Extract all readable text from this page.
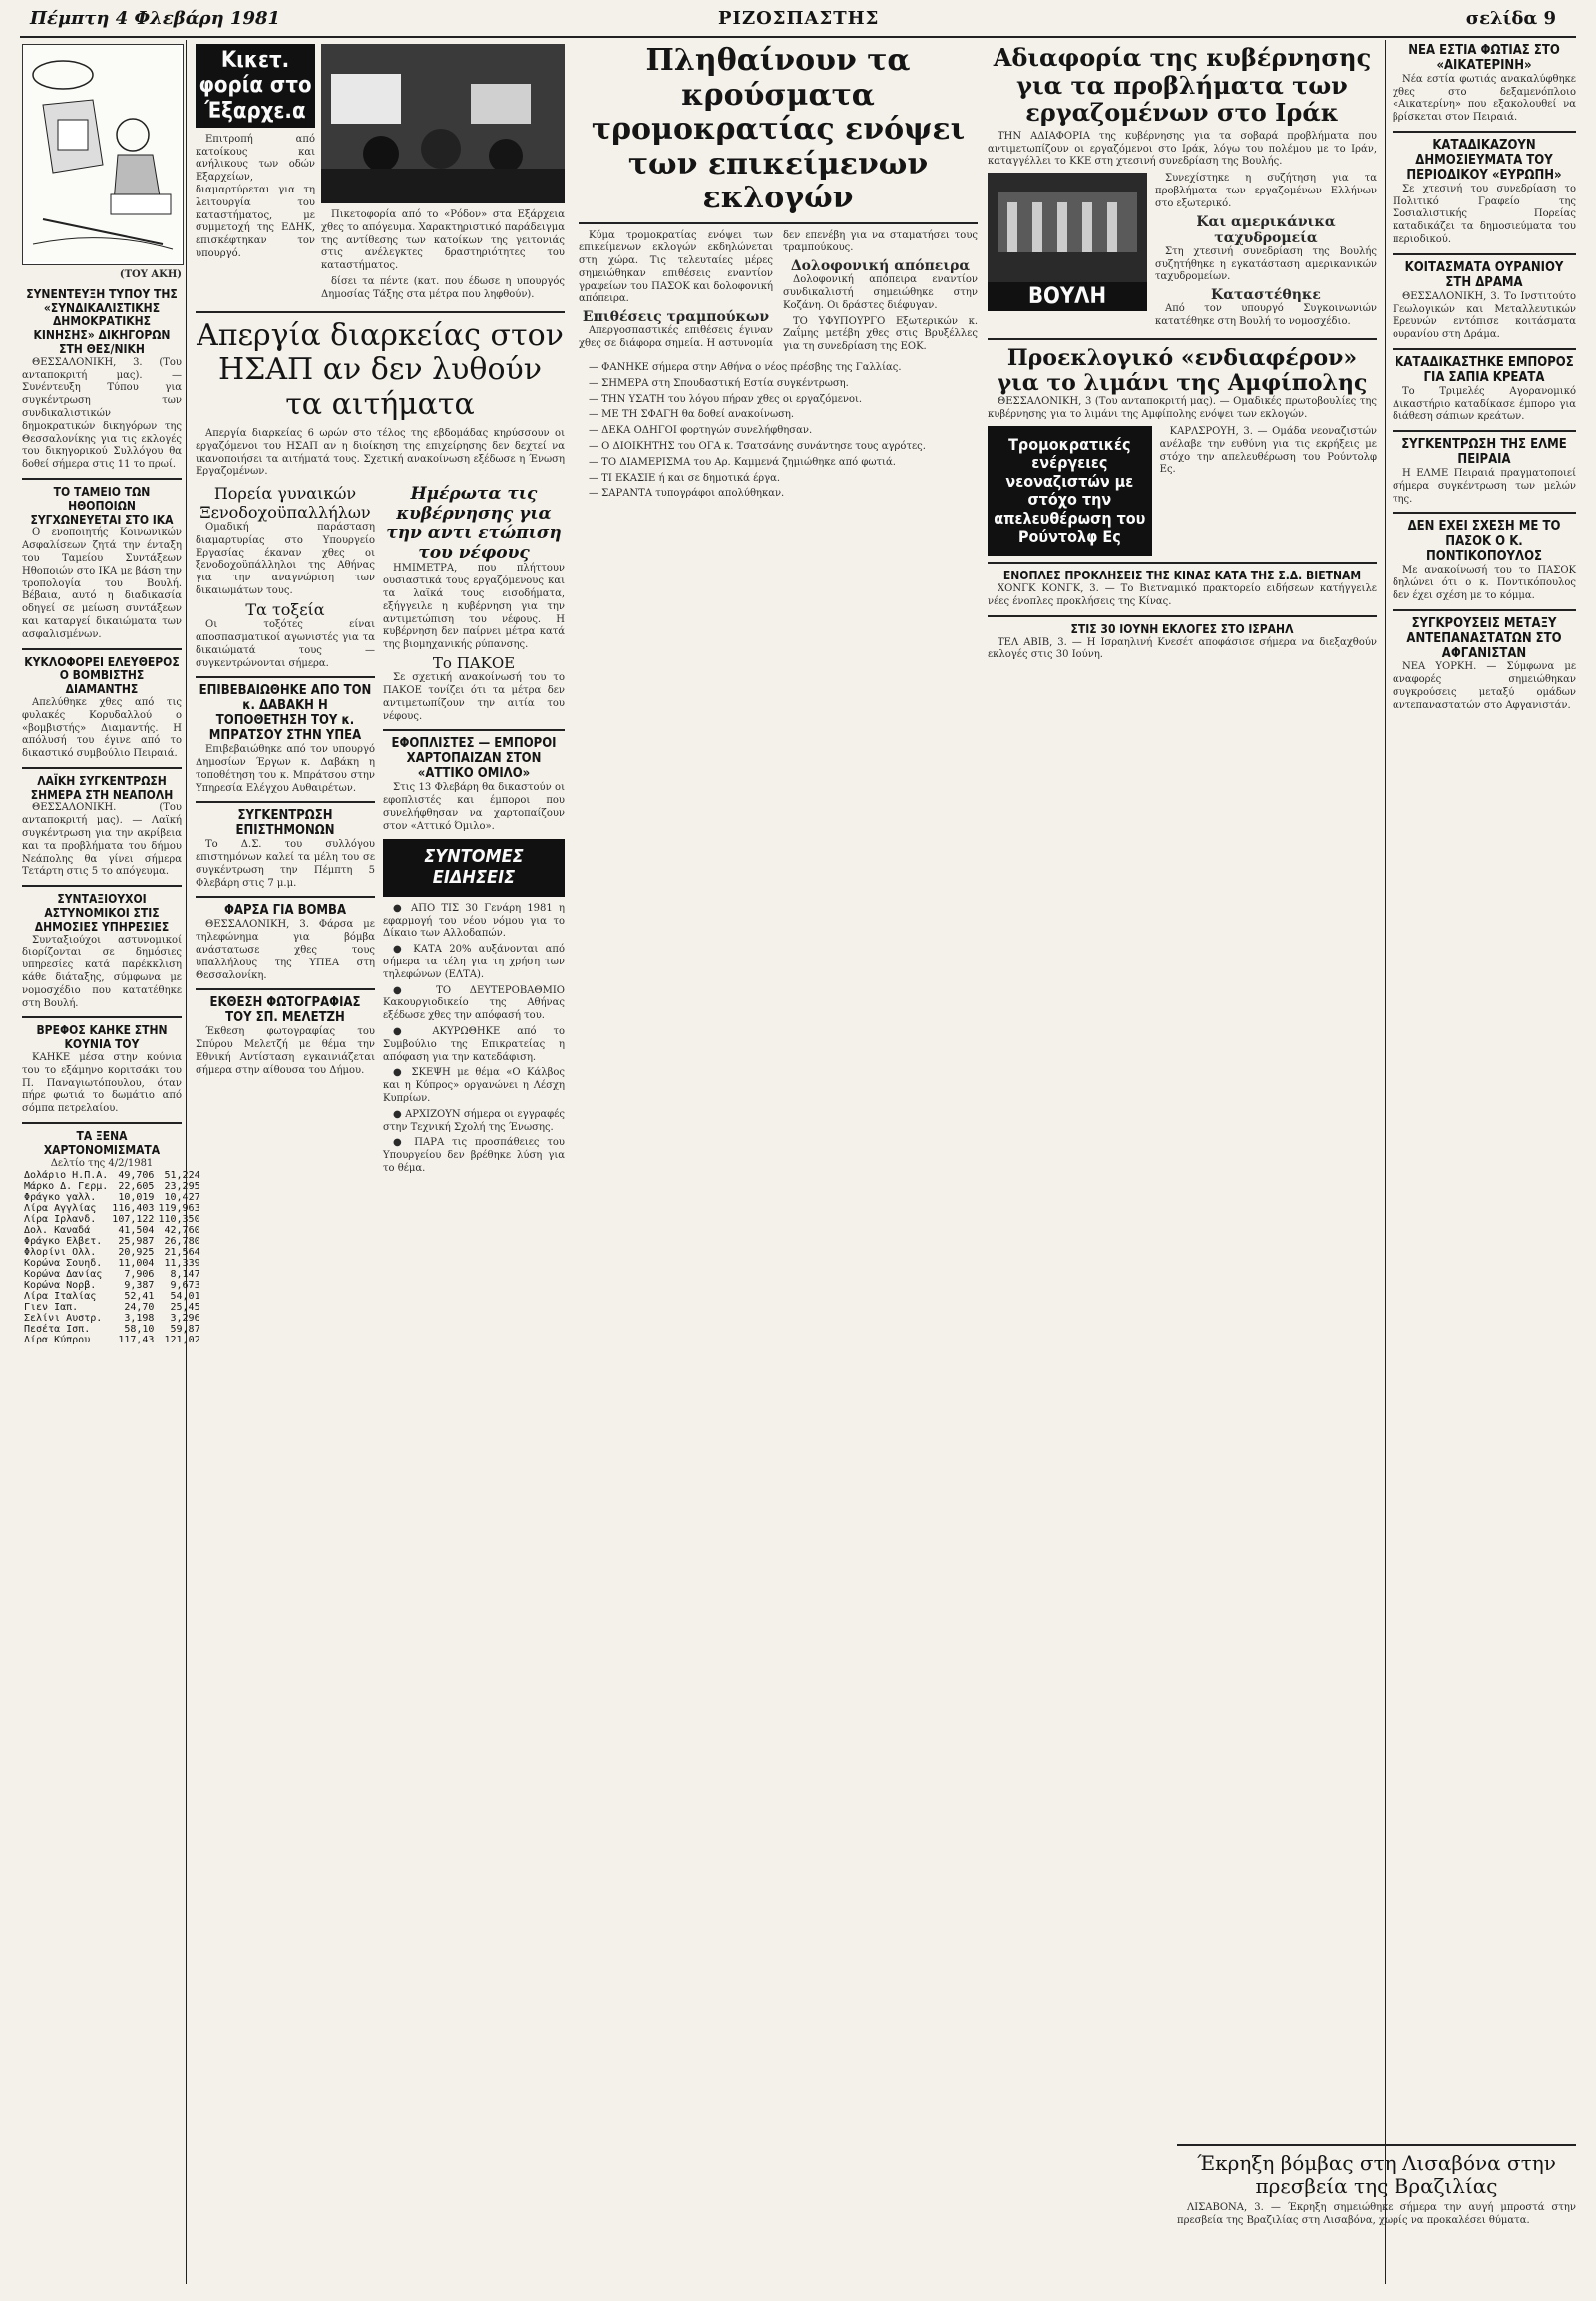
Πέμπτη 4 Φλεβάρη 1981	ΡΙΖΟΣΠΑΣΤΗΣ	σελίδα 9
(ΤΟΥ ΑΚΗ)
ΣΥΝΕΝΤΕΥΞΗ ΤΥΠΟΥ ΤΗΣ «ΣΥΝΔΙΚΑΛΙΣΤΙΚΗΣ ΔΗΜΟΚΡΑΤΙΚΗΣ ΚΙΝΗΣΗΣ» ΔΙΚΗΓΟΡΩΝ ΣΤΗ ΘΕΣ/ΝΙΚΗ

ΘΕΣΣΑΛΟΝΙΚΗ, 3. (Του ανταποκριτή μας). — Συνέντευξη Τύπου για συγκέντρωση των συνδικαλιστικών δημοκρατικών δικηγόρων της Θεσσαλονίκης για τις εκλογές του δικηγορικού Συλλόγου θα δοθεί σήμερα στις 11 το πρωί.

ΤΟ ΤΑΜΕΙΟ ΤΩΝ ΗΘΟΠΟΙΩΝ ΣΥΓΧΩΝΕΥΕΤΑΙ ΣΤΟ ΙΚΑ

Ο ενοποιητής Κοινωνικών Ασφαλίσεων ζητά την ένταξη του Ταμείου Συντάξεων Ηθοποιών στο ΙΚΑ με βάση την τροπολογία του Βουλή. Βέβαια, αυτό η διαδικασία οδηγεί σε μείωση συντάξεων και καταργεί δικαιώματα των ασφαλισμένων.

ΚΥΚΛΟΦΟΡΕΙ ΕΛΕΥΘΕΡΟΣ Ο ΒΟΜΒΙΣΤΗΣ ΔΙΑΜΑΝΤΗΣ

Απελύθηκε χθες από τις φυλακές Κορυδαλλού ο «βομβιστής» Διαμαντής. Η απόλυσή του έγινε από το δικαστικό συμβούλιο Πειραιά.

ΛΑΪΚΗ ΣΥΓΚΕΝΤΡΩΣΗ ΣΗΜΕΡΑ ΣΤΗ ΝΕΑΠΟΛΗ

ΘΕΣΣΑΛΟΝΙΚΗ. (Του ανταποκριτή μας). — Λαϊκή συγκέντρωση για την ακρίβεια και τα προβλήματα του δήμου Νεάπολης θα γίνει σήμερα Τετάρτη στις 5 το απόγευμα.

ΣΥΝΤΑΞΙΟΥΧΟΙ ΑΣΤΥΝΟΜΙΚΟΙ ΣΤΙΣ ΔΗΜΟΣΙΕΣ ΥΠΗΡΕΣΙΕΣ

Συνταξιούχοι αστυνομικοί διορίζονται σε δημόσιες υπηρεσίες κατά παρέκκλιση κάθε διάταξης, σύμφωνα με νομοσχέδιο που κατατέθηκε στη Βουλή.

ΒΡΕΦΟΣ ΚΑΗΚΕ ΣΤΗΝ ΚΟΥΝΙΑ ΤΟΥ

ΚΑΗΚΕ μέσα στην κούνια του το εξάμηνο κοριτσάκι του Π. Παναγιωτόπουλου, όταν πήρε φωτιά το δωμάτιο από σόμπα πετρελαίου.

ΤΑ ΞΕΝΑ ΧΑΡΤΟΝΟΜΙΣΜΑΤΑ
Δελτίο της 4/2/1981
Δολάριο Η.Π.Α.	49,706	51,224
Μάρκο Δ. Γερμ.	22,605	23,295
Φράγκο γαλλ.	10,019	10,427
Λίρα Αγγλίας	116,403	119,963
Λίρα Ιρλανδ.	107,122	110,350
Δολ. Καναδά	41,504	42,760
Φράγκο Ελβετ.	25,987	26,780
Φλορίνι Ολλ.	20,925	21,564
Κορώνα Σουηδ.	11,004	11,339
Κορώνα Δανίας	7,906	8,147
Κορώνα Νορβ.	9,387	9,673
Λίρα Ιταλίας	52,41	54,01
Γιεν Ιαπ.	24,70	25,45
Σελίνι Αυστρ.	3,198	3,296
Πεσέτα Ισπ.	58,10	59,87
Λίρα Κύπρου	117,43	121,02
Κικετ. φορία στο Έξαρχε.α

Επιτροπή από κατοίκους και ανήλικους των οδών Εξαρχείων, διαμαρτύρεται για τη λειτουργία του καταστήματος, με συμμετοχή της ΕΔΗΚ, επισκέφτηκαν τον υπουργό.

Πικετοφορία από το «Ρόδον» στα Εξάρχεια χθες το απόγευμα. Χαρακτηριστικό παράδειγμα της αντίθεσης των κατοίκων της γειτονιάς στις ανέλεγκτες δραστηριότητες του καταστήματος.

δίσει τα πέντε (κατ. που έδωσε η υπουργός Δημοσίας Τάξης στα μέτρα που ληφθούν).

Απεργία διαρκείας στον ΗΣΑΠ αν δεν λυθούν τα αιτήματα

Απεργία διαρκείας 6 ωρών στο τέλος της εβδομάδας κηρύσσουν οι εργαζόμενοι του ΗΣΑΠ αν η διοίκηση της επιχείρησης δεν δεχτεί να ικανοποιήσει τα αιτήματά τους. Σχετική ανακοίνωση εξέδωσε η Ένωση Εργαζομένων.

Πορεία γυναικών Ξενοδοχοϋπαλλήλων

Ομαδική παράσταση διαμαρτυρίας στο Υπουργείο Εργασίας έκαναν χθες οι ξενοδοχοϋπάλληλοι της Αθήνας για την αναγνώριση των δικαιωμάτων τους.

Τα τοξεία

Οι τοξότες είναι αποσπασματικοί αγωνιστές για τα δικαιώματά τους — συγκεντρώνονται σήμερα.

ΕΠΙΒΕΒΑΙΩΘΗΚΕ ΑΠΟ ΤΟΝ κ. ΔΑΒΑΚΗ Η ΤΟΠΟΘΕΤΗΣΗ ΤΟΥ κ. ΜΠΡΑΤΣΟΥ ΣΤΗΝ ΥΠΕΑ

Επιβεβαιώθηκε από τον υπουργό Δημοσίων Έργων κ. Δαβάκη η τοποθέτηση του κ. Μπράτσου στην Υπηρεσία Ελέγχου Αυθαιρέτων.

ΣΥΓΚΕΝΤΡΩΣΗ ΕΠΙΣΤΗΜΟΝΩΝ

Το Δ.Σ. του συλλόγου επιστημόνων καλεί τα μέλη του σε συγκέντρωση την Πέμπτη 5 Φλεβάρη στις 7 μ.μ.

ΦΑΡΣΑ ΓΙΑ ΒΟΜΒΑ

ΘΕΣΣΑΛΟΝΙΚΗ, 3. Φάρσα με τηλεφώνημα για βόμβα ανάστατωσε χθες τους υπαλλήλους της ΥΠΕΑ στη Θεσσαλονίκη.

ΕΚΘΕΣΗ ΦΩΤΟΓΡΑΦΙΑΣ ΤΟΥ ΣΠ. ΜΕΛΕΤΖΗ

Έκθεση φωτογραφίας του Σπύρου Μελετζή με θέμα την Εθνική Αντίσταση εγκαινιάζεται σήμερα στην αίθουσα του Δήμου.

Ημέρωτα τις κυβέρνησης για την αντι ετώπιση του νέφους

ΗΜΙΜΕΤΡΑ, που πλήττουν ουσιαστικά τους εργαζόμενους και τα λαϊκά τους εισοδήματα, εξήγγειλε η κυβέρνηση για την αντιμετώπιση του νέφους. Η κυβέρνηση δεν παίρνει μέτρα κατά της βιομηχανικής ρύπανσης.

Το ΠΑΚΟΕ

Σε σχετική ανακοίνωσή του το ΠΑΚΟΕ τονίζει ότι τα μέτρα δεν αντιμετωπίζουν την αιτία του νέφους.

ΕΦΟΠΛΙΣΤΕΣ — ΕΜΠΟΡΟΙ ΧΑΡΤΟΠΑΙΖΑΝ ΣΤΟΝ «ΑΤΤΙΚΟ ΟΜΙΛΟ»

Στις 13 Φλεβάρη θα δικαστούν οι εφοπλιστές και έμποροι που συνελήφθησαν να χαρτοπαίζουν στον «Αττικό Όμιλο».

ΣΥΝΤΟΜΕΣ ΕΙΔΗΣΕΙΣ

● ΑΠΟ ΤΙΣ 30 Γενάρη 1981 η εφαρμογή του νέου νόμου για το Δίκαιο των Αλλοδαπών.

● ΚΑΤΑ 20% αυξάνονται από σήμερα τα τέλη για τη χρήση των τηλεφώνων (ΕΛΤΑ).

● ΤΟ ΔΕΥΤΕΡΟΒΑΘΜΙΟ Κακουργιοδικείο της Αθήνας εξέδωσε χθες την απόφασή του.

● ΑΚΥΡΩΘΗΚΕ από το Συμβούλιο της Επικρατείας η απόφαση για την κατεδάφιση.

● ΣΚΕΨΗ με θέμα «Ο Κάλβος και η Κύπρος» οργανώνει η Λέσχη Κυπρίων.

● ΑΡΧΙΖΟΥΝ σήμερα οι εγγραφές στην Τεχνική Σχολή της Ένωσης.

● ΠΑΡΑ τις προσπάθειες του Υπουργείου δεν βρέθηκε λύση για το θέμα.

Πληθαίνουν τα κρούσματα τρομοκρατίας ενόψει των επικείμενων εκλογών

Κύμα τρομοκρατίας ενόψει των επικείμενων εκλογών εκδηλώνεται στη χώρα. Τις τελευταίες μέρες σημειώθηκαν επιθέσεις εναντίον γραφείων του ΠΑΣΟΚ και δολοφονική απόπειρα.

Επιθέσεις τραμπούκων

Απεργοσπαστικές επιθέσεις έγιναν χθες σε διάφορα σημεία. Η αστυνομία δεν επενέβη για να σταματήσει τους τραμπούκους.

Δολοφονική απόπειρα

Δολοφονική απόπειρα εναντίον συνδικαλιστή σημειώθηκε στην Κοζάνη. Οι δράστες διέφυγαν.

ΤΟ ΥΦΥΠΟΥΡΓΟ Εξωτερικών κ. Ζαΐμης μετέβη χθες στις Βρυξέλλες για τη συνεδρίαση της ΕΟΚ.

— ΦΑΝΗΚΕ σήμερα στην Αθήνα ο νέος πρέσβης της Γαλλίας.

— ΣΗΜΕΡΑ στη Σπουδαστική Εστία συγκέντρωση.

— ΤΗΝ ΥΣΑΤΗ του λόγου πήραν χθες οι εργαζόμενοι.

— ΜΕ ΤΗ ΣΦΑΓΗ θα δοθεί ανακοίνωση.

— ΔΕΚΑ ΟΔΗΓΟΙ φορτηγών συνελήφθησαν.

— Ο ΔΙΟΙΚΗΤΗΣ του ΟΓΑ κ. Τσατσάνης συνάντησε τους αγρότες.

— ΤΟ ΔΙΑΜΕΡΙΣΜΑ του Αρ. Καμμενά ζημιώθηκε από φωτιά.

— ΤΙ ΕΚΑΣΙΕ ή και σε δημοτικά έργα.

— ΣΑΡΑΝΤΑ τυπογράφοι απολύθηκαν.

Αδιαφορία της κυβέρνησης για τα προβλήματα των εργαζομένων στο Ιράκ

ΤΗΝ ΑΔΙΑΦΟΡΙΑ της κυβέρνησης για τα σοβαρά προβλήματα που αντιμετωπίζουν οι εργαζόμενοι στο Ιράκ, λόγω του πολέμου με το Ιράν, καταγγέλλει το ΚΚΕ στη χτεσινή συνεδρίαση της Βουλής.

ΒΟΥΛΗ

Συνεχίστηκε η συζήτηση για τα προβλήματα των εργαζομένων Ελλήνων στο εξωτερικό.

Και αμερικάνικα ταχυδρομεία

Στη χτεσινή συνεδρίαση της Βουλής συζητήθηκε η εγκατάσταση αμερικανικών ταχυδρομείων.

Καταστέθηκε

Από τον υπουργό Συγκοινωνιών κατατέθηκε στη Βουλή το νομοσχέδιο.

Προεκλογικό «ενδιαφέρον» για το λιμάνι της Αμφίπολης

ΘΕΣΣΑΛΟΝΙΚΗ, 3 (Του ανταποκριτή μας). — Ομαδικές πρωτοβουλίες της κυβέρνησης για το λιμάνι της Αμφίπολης ενόψει των εκλογών.

Τρομοκρατικές ενέργειες νεοναζιστών με στόχο την απελευθέρωση του Ρούντολφ Ες

ΚΑΡΛΣΡΟΥΗ, 3. — Ομάδα νεοναζιστών ανέλαβε την ευθύνη για τις εκρήξεις με στόχο την απελευθέρωση του Ρούντολφ Ες.

ΕΝΟΠΛΕΣ ΠΡΟΚΛΗΣΕΙΣ ΤΗΣ ΚΙΝΑΣ ΚΑΤΑ ΤΗΣ Σ.Δ. ΒΙΕΤΝΑΜ

ΧΟΝΓΚ ΚΟΝΓΚ, 3. — Το Βιετναμικό πρακτορείο ειδήσεων κατήγγειλε νέες ένοπλες προκλήσεις της Κίνας.

ΣΤΙΣ 30 ΙΟΥΝΗ ΕΚΛΟΓΕΣ ΣΤΟ ΙΣΡΑΗΛ

ΤΕΛ ΑΒΙΒ, 3. — Η Ισραηλινή Κνεσέτ αποφάσισε σήμερα να διεξαχθούν εκλογές στις 30 Ιούνη.

ΝΕΑ ΕΣΤΙΑ ΦΩΤΙΑΣ ΣΤΟ «ΑΙΚΑΤΕΡΙΝΗ»

Νέα εστία φωτιάς ανακαλύφθηκε χθες στο δεξαμενόπλοιο «Αικατερίνη» που εξακολουθεί να βρίσκεται στον Πειραιά.

ΚΑΤΑΔΙΚΑΖΟΥΝ ΔΗΜΟΣΙΕΥΜΑΤΑ ΤΟΥ ΠΕΡΙΟΔΙΚΟΥ «ΕΥΡΩΠΗ»

Σε χτεσινή του συνεδρίαση το Πολιτικό Γραφείο της Σοσιαλιστικής Πορείας καταδικάζει τα δημοσιεύματα του περιοδικού.

ΚΟΙΤΑΣΜΑΤΑ ΟΥΡΑΝΙΟΥ ΣΤΗ ΔΡΑΜΑ

ΘΕΣΣΑΛΟΝΙΚΗ, 3. Το Ινστιτούτο Γεωλογικών και Μεταλλευτικών Ερευνών εντόπισε κοιτάσματα ουρανίου στη Δράμα.

ΚΑΤΑΔΙΚΑΣΤΗΚΕ ΕΜΠΟΡΟΣ ΓΙΑ ΣΑΠΙΑ ΚΡΕΑΤΑ

Το Τριμελές Αγορανομικό Δικαστήριο καταδίκασε έμπορο για διάθεση σάπιων κρεάτων.

ΣΥΓΚΕΝΤΡΩΣΗ ΤΗΣ ΕΛΜΕ ΠΕΙΡΑΙΑ

Η ΕΛΜΕ Πειραιά πραγματοποιεί σήμερα συγκέντρωση των μελών της.

ΔΕΝ ΕΧΕΙ ΣΧΕΣΗ ΜΕ ΤΟ ΠΑΣΟΚ Ο Κ. ΠΟΝΤΙΚΟΠΟΥΛΟΣ

Με ανακοίνωσή του το ΠΑΣΟΚ δηλώνει ότι ο κ. Ποντικόπουλος δεν έχει σχέση με το κόμμα.

ΣΥΓΚΡΟΥΣΕΙΣ ΜΕΤΑΞΥ ΑΝΤΕΠΑΝΑΣΤΑΤΩΝ ΣΤΟ ΑΦΓΑΝΙΣΤΑΝ

ΝΕΑ ΥΟΡΚΗ. — Σύμφωνα με αναφορές σημειώθηκαν συγκρούσεις μεταξύ ομάδων αντεπαναστατών στο Αφγανιστάν.

Έκρηξη βόμβας στη Λισαβόνα στην πρεσβεία της Βραζιλίας

ΛΙΣΑΒΟΝΑ, 3. — Έκρηξη σημειώθηκε σήμερα την αυγή μπροστά στην πρεσβεία της Βραζιλίας στη Λισαβόνα, χωρίς να προκαλέσει θύματα.
